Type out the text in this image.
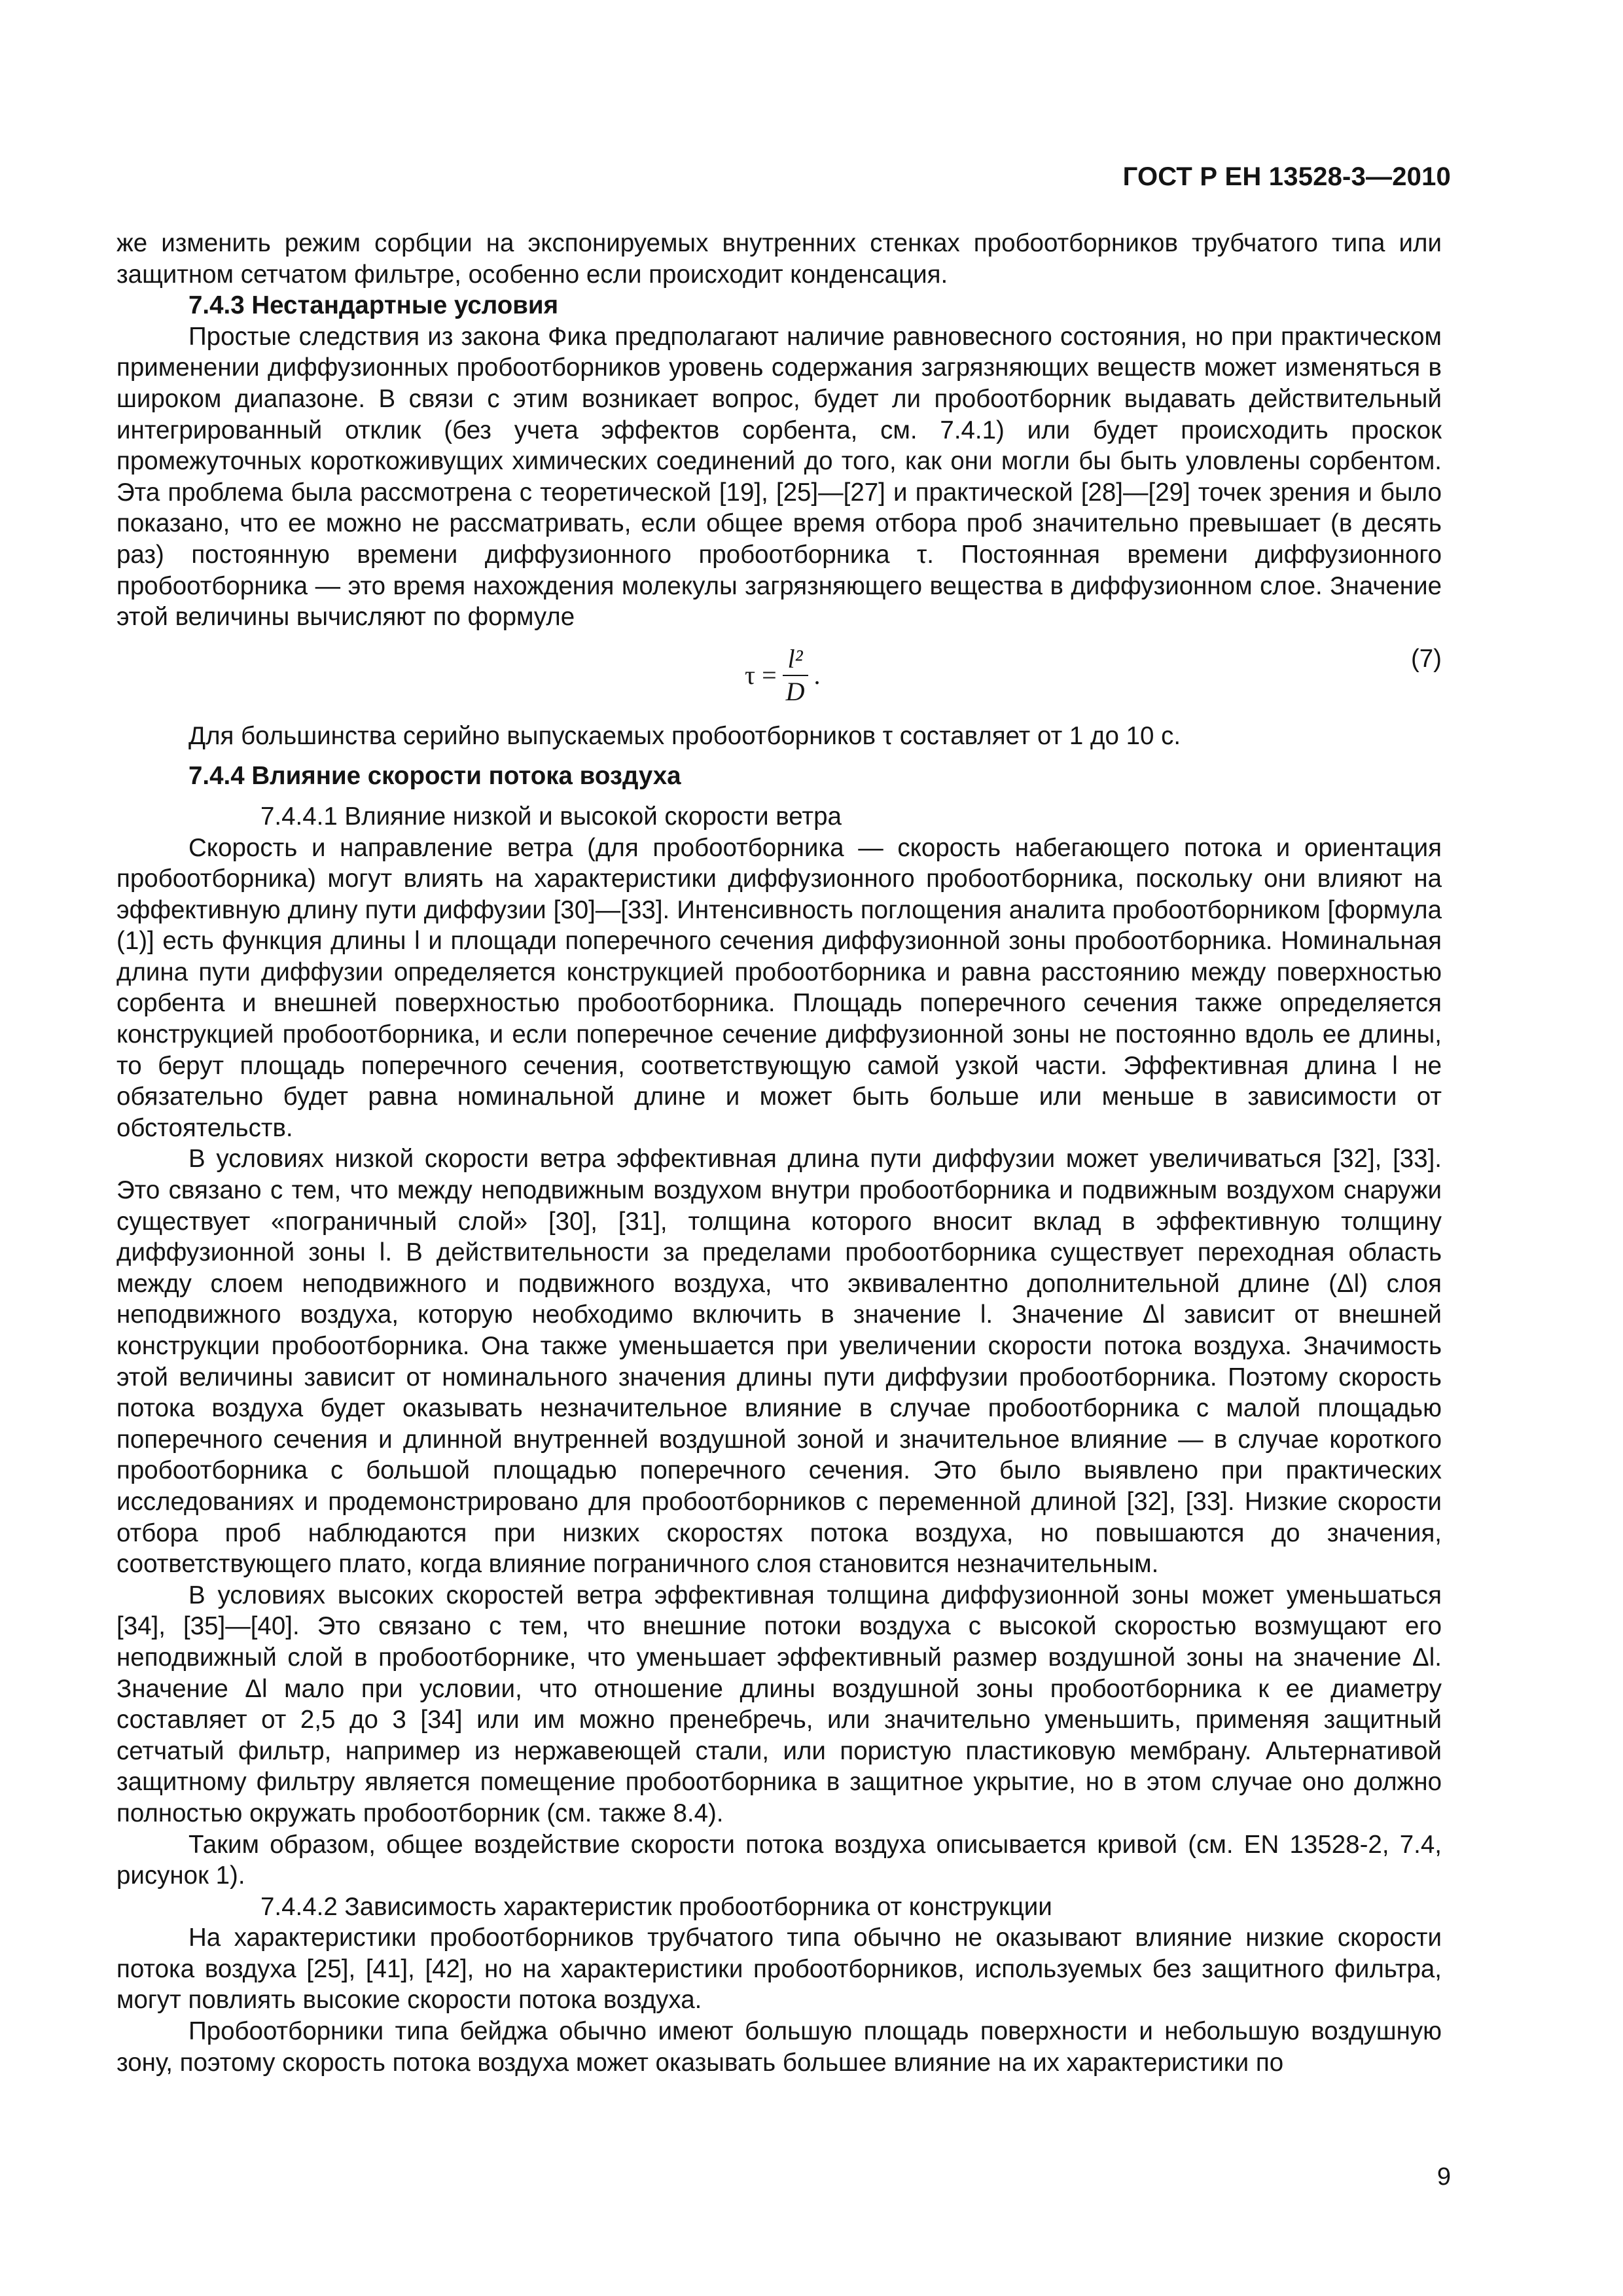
ГОСТ Р ЕН 13528-3—2010

же изменить режим сорбции на экспонируемых внутренних стенках пробоотборников трубчатого типа или защитном сетчатом фильтре, особенно если происходит конденсация.

7.4.3 Нестандартные условия

Простые следствия из закона Фика предполагают наличие равновесного состояния, но при практическом применении диффузионных пробоотборников уровень содержания загрязняющих веществ может изменяться в широком диапазоне. В связи с этим возникает вопрос, будет ли пробоотборник выдавать действительный интегрированный отклик (без учета эффектов сорбента, см. 7.4.1) или будет происходить проскок промежуточных короткоживущих химических соединений до того, как они могли бы быть уловлены сорбентом. Эта проблема была рассмотрена с теоретической [19], [25]—[27] и практической [28]—[29] точек зрения и было показано, что ее можно не рассматривать, если общее время отбора проб значительно превышает (в десять раз) постоянную времени диффузионного пробоотборника τ. Постоянная времени диффузионного пробоотборника — это время нахождения молекулы загрязняющего вещества в диффузионном слое. Значение этой величины вычисляют по формуле

$\tau = \frac{\text{l²}}{D}$ .
(7)

Для большинства серийно выпускаемых пробоотборников τ составляет от 1 до 10 с.

7.4.4 Влияние скорости потока воздуха

7.4.4.1 Влияние низкой и высокой скорости ветра

Скорость и направление ветра (для пробоотборника — скорость набегающего потока и ориентация пробоотборника) могут влиять на характеристики диффузионного пробоотборника, поскольку они влияют на эффективную длину пути диффузии [30]—[33]. Интенсивность поглощения аналита пробоотборником [формула (1)] есть функция длины l и площади поперечного сечения диффузионной зоны пробоотборника. Номинальная длина пути диффузии определяется конструкцией пробоотборника и равна расстоянию между поверхностью сорбента и внешней поверхностью пробоотборника. Площадь поперечного сечения также определяется конструкцией пробоотборника, и если поперечное сечение диффузионной зоны не постоянно вдоль ее длины, то берут площадь поперечного сечения, соответствующую самой узкой части. Эффективная длина l не обязательно будет равна номинальной длине и может быть больше или меньше в зависимости от обстоятельств.

В условиях низкой скорости ветра эффективная длина пути диффузии может увеличиваться [32], [33]. Это связано с тем, что между неподвижным воздухом внутри пробоотборника и подвижным воздухом снаружи существует «пограничный слой» [30], [31], толщина которого вносит вклад в эффективную толщину диффузионной зоны l. В действительности за пределами пробоотборника существует переходная область между слоем неподвижного и подвижного воздуха, что эквивалентно дополнительной длине (Δl) слоя неподвижного воздуха, которую необходимо включить в значение l. Значение Δl зависит от внешней конструкции пробоотборника. Она также уменьшается при увеличении скорости потока воздуха. Значимость этой величины зависит от номинального значения длины пути диффузии пробоотборника. Поэтому скорость потока воздуха будет оказывать незначительное влияние в случае пробоотборника с малой площадью поперечного сечения и длинной внутренней воздушной зоной и значительное влияние — в случае короткого пробоотборника с большой площадью поперечного сечения. Это было выявлено при практических исследованиях и продемонстрировано для пробоотборников с переменной длиной [32], [33]. Низкие скорости отбора проб наблюдаются при низких скоростях потока воздуха, но повышаются до значения, соответствующего плато, когда влияние пограничного слоя становится незначительным.

В условиях высоких скоростей ветра эффективная толщина диффузионной зоны может уменьшаться [34], [35]—[40]. Это связано с тем, что внешние потоки воздуха с высокой скоростью возмущают его неподвижный слой в пробоотборнике, что уменьшает эффективный размер воздушной зоны на значение Δl. Значение Δl мало при условии, что отношение длины воздушной зоны пробоотборника к ее диаметру составляет от 2,5 до 3 [34] или им можно пренебречь, или значительно уменьшить, применяя защитный сетчатый фильтр, например из нержавеющей стали, или пористую пластиковую мембрану. Альтернативой защитному фильтру является помещение пробоотборника в защитное укрытие, но в этом случае оно должно полностью окружать пробоотборник (см. также 8.4).

Таким образом, общее воздействие скорости потока воздуха описывается кривой (см. EN 13528-2, 7.4, рисунок 1).

7.4.4.2 Зависимость характеристик пробоотборника от конструкции

На характеристики пробоотборников трубчатого типа обычно не оказывают влияние низкие скорости потока воздуха [25], [41], [42], но на характеристики пробоотборников, используемых без защитного фильтра, могут повлиять высокие скорости потока воздуха.

Пробоотборники типа бейджа обычно имеют большую площадь поверхности и небольшую воздушную зону, поэтому скорость потока воздуха может оказывать большее влияние на их характеристики по

9
